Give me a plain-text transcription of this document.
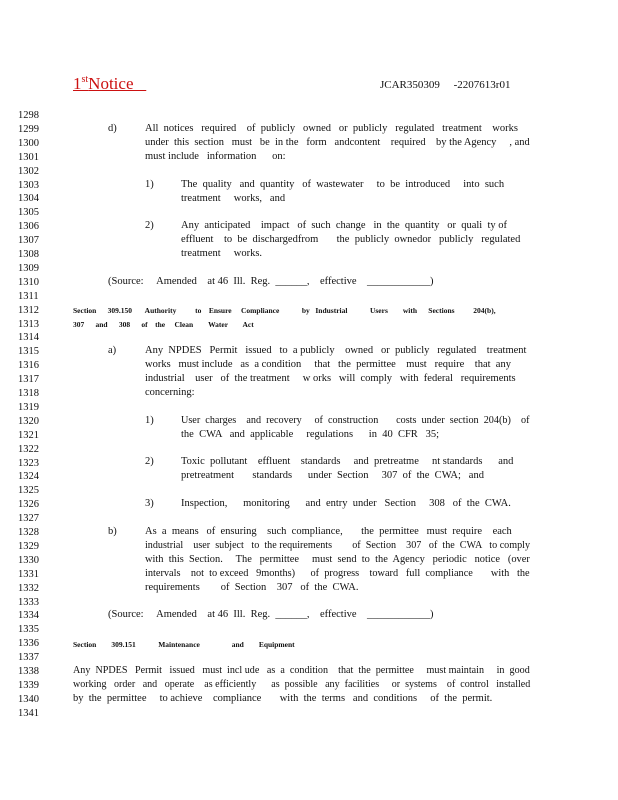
1stNotice	JCAR350309     -2207613r01
1298
1299
1300
1301
1302
1303
1304
1305
1306
1307
1308
1309
1310
1311
1312
1313
1314
1315
1316
1317
1318
1319
1320
1321
1322
1323
1324
1325
1326
1327
1328
1329
1330
1331
1332
1333
1334
1335
1336
1337
1338
1339
1340
1341
d)	All  notices   required    of  publicly   owned   or  publicly   regulated   treatment    works
under  this  section   must   be  in the   form   andcontent    required    by the Agency     , and
must include   information      on:
1)	The  quality   and  quantity   of  wastewater     to  be  introduced     into  such
treatment     works,   and
2)	Any  anticipated    impact   of  such  change   in  the  quantity   or  quali  ty of
effluent    to  be  dischargedfrom       the  publicly  ownedor   publicly   regulated
treatment     works.
(Source:     Amended    at 46  Ill.  Reg.  ______,    effective    ____________)
Section      309.150       Authority          to    Ensure     Compliance            by   Industrial            Users        with      Sections          204(b),
307      and      308      of    the     Clean        Water        Act
a)	Any  NPDES   Permit   issued   to  a publicly    owned   or  publicly   regulated    treatment
works   must include   as  a condition     that   the  permittee    must   require    that  any
industrial    user   of  the treatment     w orks   will  comply   with  federal   requirements
concerning:
1)	User  charges    and  recovery     of  construction       costs  under  section  204(b)    of
the  CWA   and  applicable     regulations      in  40  CFR   35;
2)	Toxic  pollutant    effluent    standards     and  pretreatme     nt standards      and
pretreatment       standards      under  Section     307  of  the  CWA;   and
3)	Inspection,      monitoring      and  entry  under   Section     308   of  the  CWA.
b)	As  a  means   of  ensuring    such  compliance,       the  permittee   must  require    each
industrial    user  subject   to  the requirements        of  Section    307   of  the  CWA   to comply
with  this  Section.     The   permittee     must  send  to  the  Agency   periodic   notice   (over
intervals    not  to exceed   9months)      of  progress    toward   full  compliance       with   the
requirements        of  Section    307   of  the  CWA.
(Source:     Amended    at 46  Ill.  Reg.  ______,    effective    ____________)
Section        309.151            Maintenance                 and        Equipment
Any  NPDES   Permit   issued   must  incl ude   as  a  condition    that  the  permittee     must maintain     in  good
working   order   and   operate    as efficiently      as  possible   any  facilities     or  systems    of  control   installed
by  the  permittee     to achieve    compliance       with  the  terms   and  conditions     of  the  permit.
